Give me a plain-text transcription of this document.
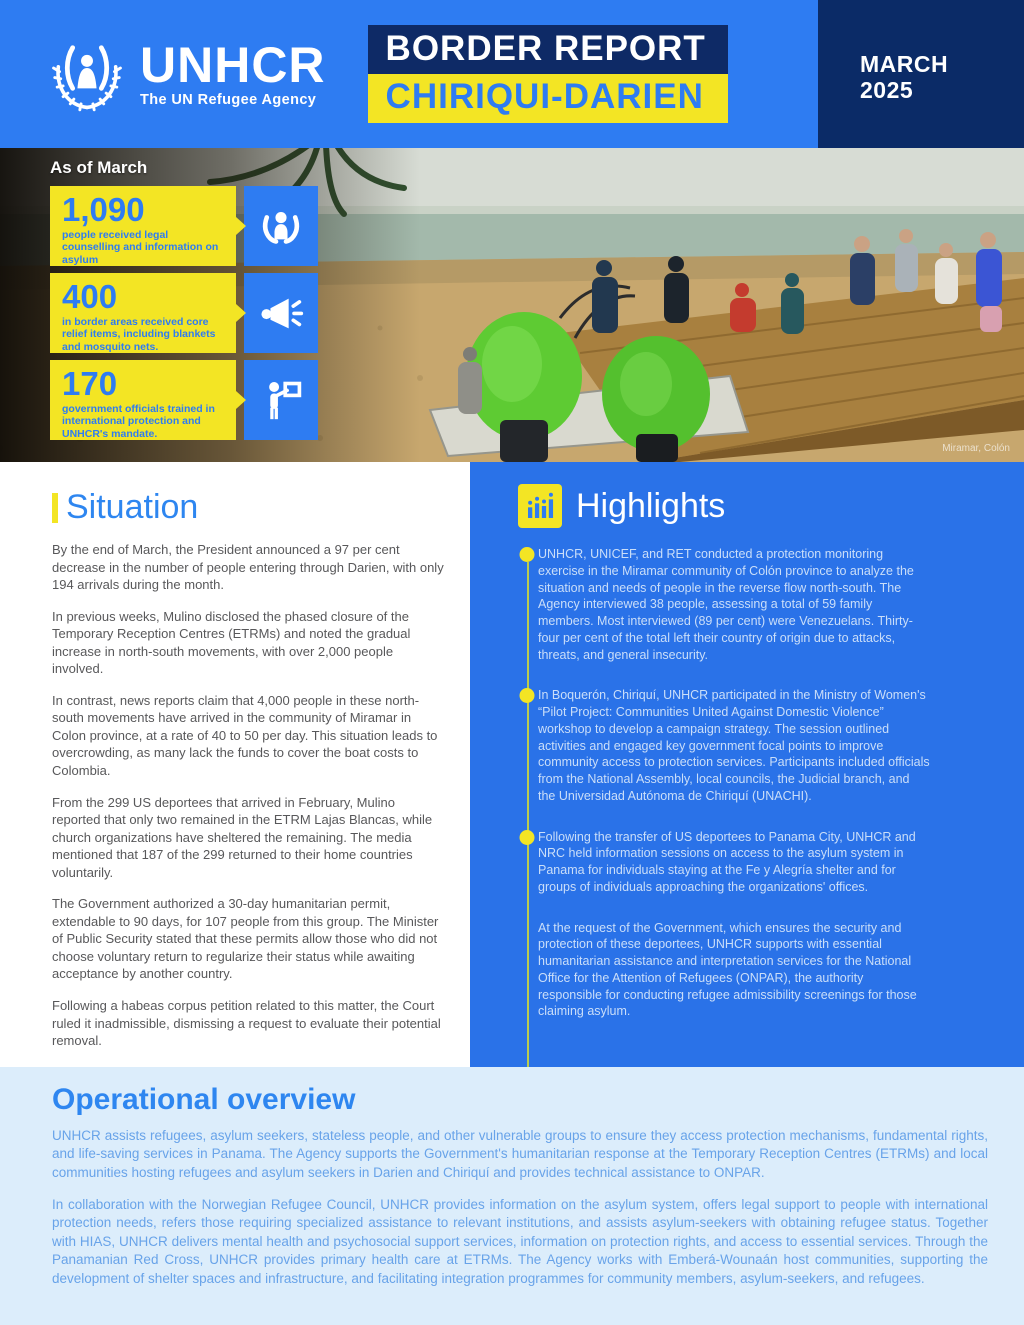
UNHCR
The UN Refugee Agency
BORDER REPORT
CHIRIQUI-DARIEN
MARCH
2025
As of March
1,090
people received legal counselling and information on asylum
400
in border areas received core relief items, including blankets and mosquito nets.
170
government officials trained in international protection and UNHCR's mandate.
Miramar, Colón
Situation

By the end of March, the President announced a 97 per cent decrease in the number of people entering through Darien, with only 194 arrivals during the month.

In previous weeks, Mulino disclosed the phased closure of the Temporary Reception Centres (ETRMs) and noted the gradual increase in north-south movements, with over 2,000 people involved.

In contrast, news reports claim that 4,000 people in these north-south movements have arrived in the community of Miramar in Colon province, at a rate of 40 to 50 per day. This situation leads to overcrowding, as many lack the funds to cover the boat costs to Colombia.

From the 299 US deportees that arrived in February, Mulino reported that only two remained in the ETRM Lajas Blancas, while church organizations have sheltered the remaining. The media mentioned that 187 of the 299 returned to their home countries voluntarily.

The Government authorized a 30-day humanitarian permit, extendable to 90 days, for 107 people from this group. The Minister of Public Security stated that these permits allow those who did not choose voluntary return to regularize their status while awaiting acceptance by another country.

Following a habeas corpus petition related to this matter, the Court ruled it inadmissible, dismissing a request to evaluate their potential removal.

Highlights

UNHCR, UNICEF, and RET conducted a protection monitoring exercise in the Miramar community of Colón province to analyze the situation and needs of people in the reverse flow north-south. The Agency interviewed 38 people, assessing a total of 59 family members. Most interviewed (89 per cent) were Venezuelans. Thirty-four per cent of the total left their country of origin due to attacks, threats, and general insecurity.

In Boquerón, Chiriquí, UNHCR participated in the Ministry of Women's “Pilot Project: Communities United Against Domestic Violence” workshop to develop a campaign strategy. The session outlined activities and engaged key government focal points to improve community access to protection services. Participants included officials from the National Assembly, local councils, the Judicial branch, and the Universidad Autónoma de Chiriquí (UNACHI).

Following the transfer of US deportees to Panama City, UNHCR and NRC held information sessions on access to the asylum system in Panama for individuals staying at the Fe y Alegría shelter and for groups of individuals approaching the organizations' offices.

At the request of the Government, which ensures the security and protection of these deportees, UNHCR supports with essential humanitarian assistance and interpretation services for the National Office for the Attention of Refugees (ONPAR), the authority responsible for conducting refugee admissibility screenings for those claiming asylum.

Operational overview

UNHCR assists refugees, asylum seekers, stateless people, and other vulnerable groups to ensure they access protection mechanisms, fundamental rights, and life-saving services in Panama. The Agency supports the Government's humanitarian response at the Temporary Reception Centres (ETRMs) and local communities hosting refugees and asylum seekers in Darien and Chiriquí and provides technical assistance to ONPAR.

In collaboration with the Norwegian Refugee Council, UNHCR provides information on the asylum system, offers legal support to people with international protection needs, refers those requiring specialized assistance to relevant institutions, and assists asylum-seekers with obtaining refugee status. Together with HIAS, UNHCR delivers mental health and psychosocial support services, information on protection rights, and access to essential services. Through the Panamanian Red Cross, UNHCR provides primary health care at ETRMs. The Agency works with Emberá-Wounaán host communities, supporting the development of shelter spaces and infrastructure, and facilitating integration programmes for community members, asylum-seekers, and refugees.
